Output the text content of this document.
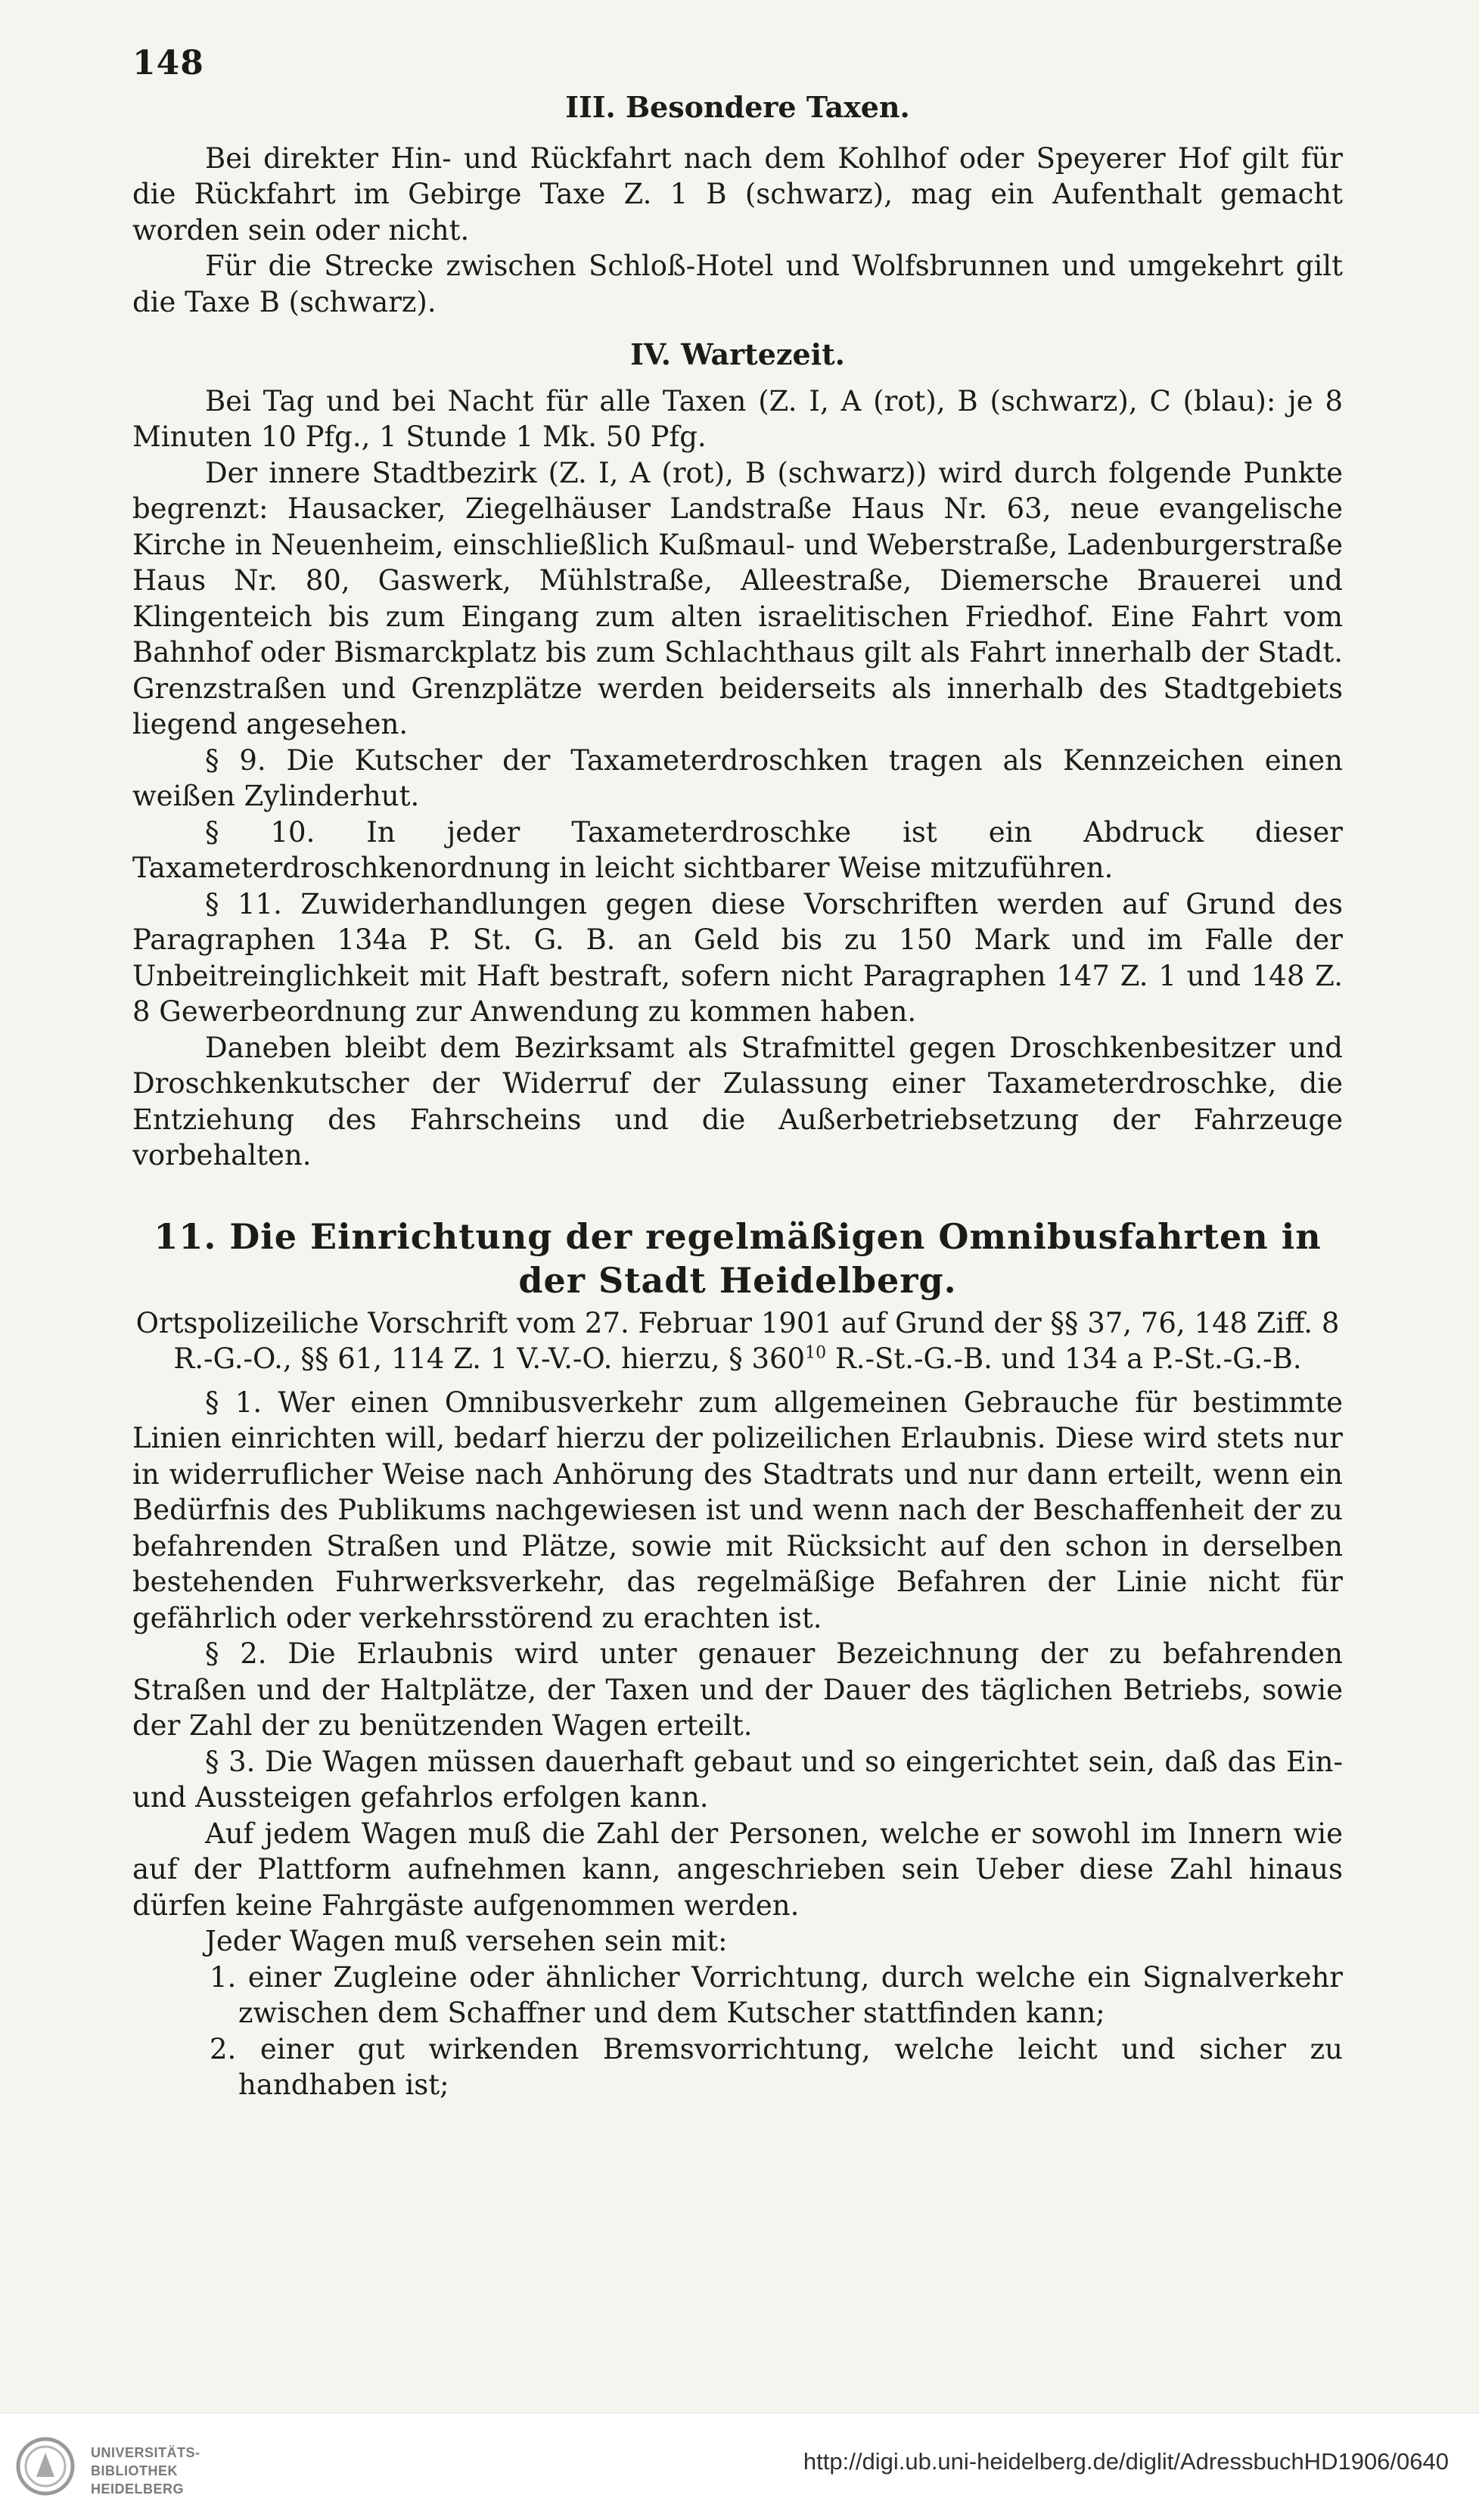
148

III. Besondere Taxen.

Bei direkter Hin- und Rückfahrt nach dem Kohlhof oder Speyerer Hof gilt für die Rückfahrt im Gebirge Taxe Z. 1 B (schwarz), mag ein Aufenthalt gemacht worden sein oder nicht.

Für die Strecke zwischen Schloß-Hotel und Wolfsbrunnen und umgekehrt gilt die Taxe B (schwarz).

IV. Wartezeit.

Bei Tag und bei Nacht für alle Taxen (Z. I, A (rot), B (schwarz), C (blau): je 8 Minuten 10 Pfg., 1 Stunde 1 Mk. 50 Pfg.

Der innere Stadtbezirk (Z. I, A (rot), B (schwarz)) wird durch folgende Punkte begrenzt: Hausacker, Ziegelhäuser Landstraße Haus Nr. 63, neue evangelische Kirche in Neuenheim, einschließlich Kußmaul- und Weberstraße, Ladenburgerstraße Haus Nr. 80, Gaswerk, Mühlstraße, Alleestraße, Diemersche Brauerei und Klingenteich bis zum Eingang zum alten israelitischen Friedhof. Eine Fahrt vom Bahnhof oder Bismarckplatz bis zum Schlachthaus gilt als Fahrt innerhalb der Stadt. Grenzstraßen und Grenzplätze werden beiderseits als innerhalb des Stadtgebiets liegend angesehen.

§ 9. Die Kutscher der Taxameterdroschken tragen als Kennzeichen einen weißen Zylinderhut.

§ 10. In jeder Taxameterdroschke ist ein Abdruck dieser Taxameterdroschkenordnung in leicht sichtbarer Weise mitzuführen.

§ 11. Zuwiderhandlungen gegen diese Vorschriften werden auf Grund des Paragraphen 134a P. St. G. B. an Geld bis zu 150 Mark und im Falle der Unbeitreinglichkeit mit Haft bestraft, sofern nicht Paragraphen 147 Z. 1 und 148 Z. 8 Gewerbeordnung zur Anwendung zu kommen haben.

Daneben bleibt dem Bezirksamt als Strafmittel gegen Droschkenbesitzer und Droschkenkutscher der Widerruf der Zulassung einer Taxameterdroschke, die Entziehung des Fahrscheins und die Außerbetriebsetzung der Fahrzeuge vorbehalten.

11. Die Einrichtung der regelmäßigen Omnibusfahrten in der Stadt Heidelberg.

Ortspolizeiliche Vorschrift vom 27. Februar 1901 auf Grund der §§ 37, 76, 148 Ziff. 8 R.-G.-O., §§ 61, 114 Z. 1 V.-V.-O. hierzu, § $360^{10}$ R.-St.-G.-B. und 134 a P.-St.-G.-B.

§ 1. Wer einen Omnibusverkehr zum allgemeinen Gebrauche für bestimmte Linien einrichten will, bedarf hierzu der polizeilichen Erlaubnis. Diese wird stets nur in widerruflicher Weise nach Anhörung des Stadtrats und nur dann erteilt, wenn ein Bedürfnis des Publikums nachgewiesen ist und wenn nach der Beschaffenheit der zu befahrenden Straßen und Plätze, sowie mit Rücksicht auf den schon in derselben bestehenden Fuhrwerksverkehr, das regelmäßige Befahren der Linie nicht für gefährlich oder verkehrsstörend zu erachten ist.

§ 2. Die Erlaubnis wird unter genauer Bezeichnung der zu befahrenden Straßen und der Haltplätze, der Taxen und der Dauer des täglichen Betriebs, sowie der Zahl der zu benützenden Wagen erteilt.

§ 3. Die Wagen müssen dauerhaft gebaut und so eingerichtet sein, daß das Ein- und Aussteigen gefahrlos erfolgen kann.

Auf jedem Wagen muß die Zahl der Personen, welche er sowohl im Innern wie auf der Plattform aufnehmen kann, angeschrieben sein Ueber diese Zahl hinaus dürfen keine Fahrgäste aufgenommen werden.

Jeder Wagen muß versehen sein mit:

1. einer Zugleine oder ähnlicher Vorrichtung, durch welche ein Signalverkehr zwischen dem Schaffner und dem Kutscher stattfinden kann;

2. einer gut wirkenden Bremsvorrichtung, welche leicht und sicher zu handhaben ist;

UNIVERSITÄTS-
BIBLIOTHEK
HEIDELBERG
http://digi.ub.uni-heidelberg.de/diglit/AdressbuchHD1906/0640
